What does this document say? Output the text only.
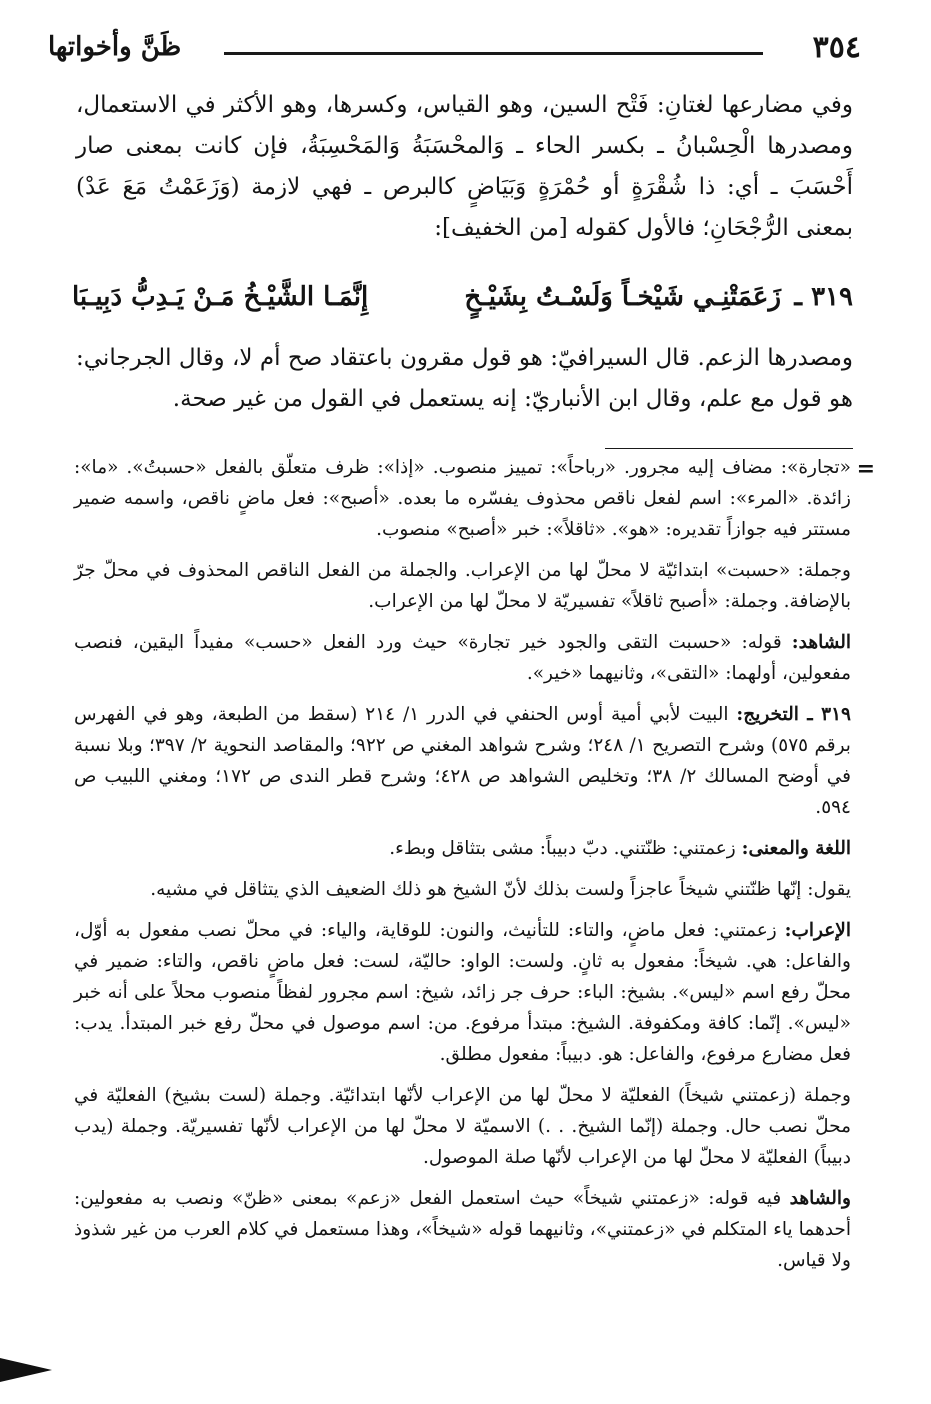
٣٥٤
ظَنَّ وأخواتها

وفي مضارعها لغتانِ: فَتْح السين، وهو القياس، وكسرها، وهو الأكثر في الاستعمال، ومصدرها الْحِسْبانُ ـ بكسر الحاء ـ وَالمحْسَبَةُ وَالمَحْسِبَةُ، فإن كانت بمعنى صار أَحْسَبَ ـ أي: ذا شُقْرَةٍ أو حُمْرَةٍ وَبَيَاضٍ كالبرص ـ فهي لازمة (وَزَعَمْتُ مَعَ عَدْ) بمعنى الرُّجْحَانِ؛ فالأول كقوله [من الخفيف]:

٣١٩ ـ
زَعَمَتْنِـي شَيْخـاً وَلَسْـتُ بِشَيْـخٍ
إِنَّمَـا الشَّيْـخُ مَـنْ يَـدِبُّ دَبِيـبَا

ومصدرها الزعم. قال السيرافيّ: هو قول مقرون باعتقاد صح أم لا، وقال الجرجاني: هو قول مع علم، وقال ابن الأنباريّ: إنه يستعمل في القول من غير صحة.

=

«تجارة»: مضاف إليه مجرور. «رباحاً»: تمييز منصوب. «إذا»: ظرف متعلّق بالفعل «حسبتُ». «ما»: زائدة. «المرء»: اسم لفعل ناقص محذوف يفسّره ما بعده. «أصبح»: فعل ماضٍ ناقص، واسمه ضمير مستتر فيه جوازاً تقديره: «هو». «ثاقلاً»: خبر «أصبح» منصوب.

وجملة: «حسبت» ابتدائيّة لا محلّ لها من الإعراب. والجملة من الفعل الناقص المحذوف في محلّ جرّ بالإضافة. وجملة: «أصبح ثاقلاً» تفسيريّة لا محلّ لها من الإعراب.

الشاهد: قوله: «حسبت التقى والجود خير تجارة» حيث ورد الفعل «حسب» مفيداً اليقين، فنصب مفعولين، أولهما: «التقى»، وثانيهما «خير».

٣١٩ ـ التخريج: البيت لأبي أمية أوس الحنفي في الدرر ١/ ٢١٤ (سقط من الطبعة، وهو في الفهرس برقم ٥٧٥) وشرح التصريح ١/ ٢٤٨؛ وشرح شواهد المغني ص ٩٢٢؛ والمقاصد النحوية ٢/ ٣٩٧؛ وبلا نسبة في أوضح المسالك ٢/ ٣٨؛ وتخليص الشواهد ص ٤٢٨؛ وشرح قطر الندى ص ١٧٢؛ ومغني اللبيب ص ٥٩٤.

اللغة والمعنى: زعمتني: ظنّتني. دبّ دبيباً: مشى بتثاقل وبطء.

يقول: إنّها ظنّتني شيخاً عاجزاً ولست بذلك لأنّ الشيخ هو ذلك الضعيف الذي يتثاقل في مشيه.

الإعراب: زعمتني: فعل ماضٍ، والتاء: للتأنيث، والنون: للوقاية، والياء: في محلّ نصب مفعول به أوّل، والفاعل: هي. شيخاً: مفعول به ثانٍ. ولست: الواو: حاليّة، لست: فعل ماضٍ ناقص، والتاء: ضمير في محلّ رفع اسم «ليس». بشيخ: الباء: حرف جر زائد، شيخ: اسم مجرور لفظاً منصوب محلاً على أنه خبر «ليس». إنّما: كافة ومكفوفة. الشيخ: مبتدأ مرفوع. من: اسم موصول في محلّ رفع خبر المبتدأ. يدب: فعل مضارع مرفوع، والفاعل: هو. دبيباً: مفعول مطلق.

وجملة (زعمتني شيخاً) الفعليّة لا محلّ لها من الإعراب لأنّها ابتدائيّة. وجملة (لست بشيخ) الفعليّة في محلّ نصب حال. وجملة (إنّما الشيخ. . .) الاسميّة لا محلّ لها من الإعراب لأنّها تفسيريّة. وجملة (يدب دبيباً) الفعليّة لا محلّ لها من الإعراب لأنّها صلة الموصول.

والشاهد فيه قوله: «زعمتني شيخاً» حيث استعمل الفعل «زعم» بمعنى «ظنّ» ونصب به مفعولين: أحدهما ياء المتكلم في «زعمتني»، وثانيهما قوله «شيخاً»، وهذا مستعمل في كلام العرب من غير شذوذ ولا قياس.
